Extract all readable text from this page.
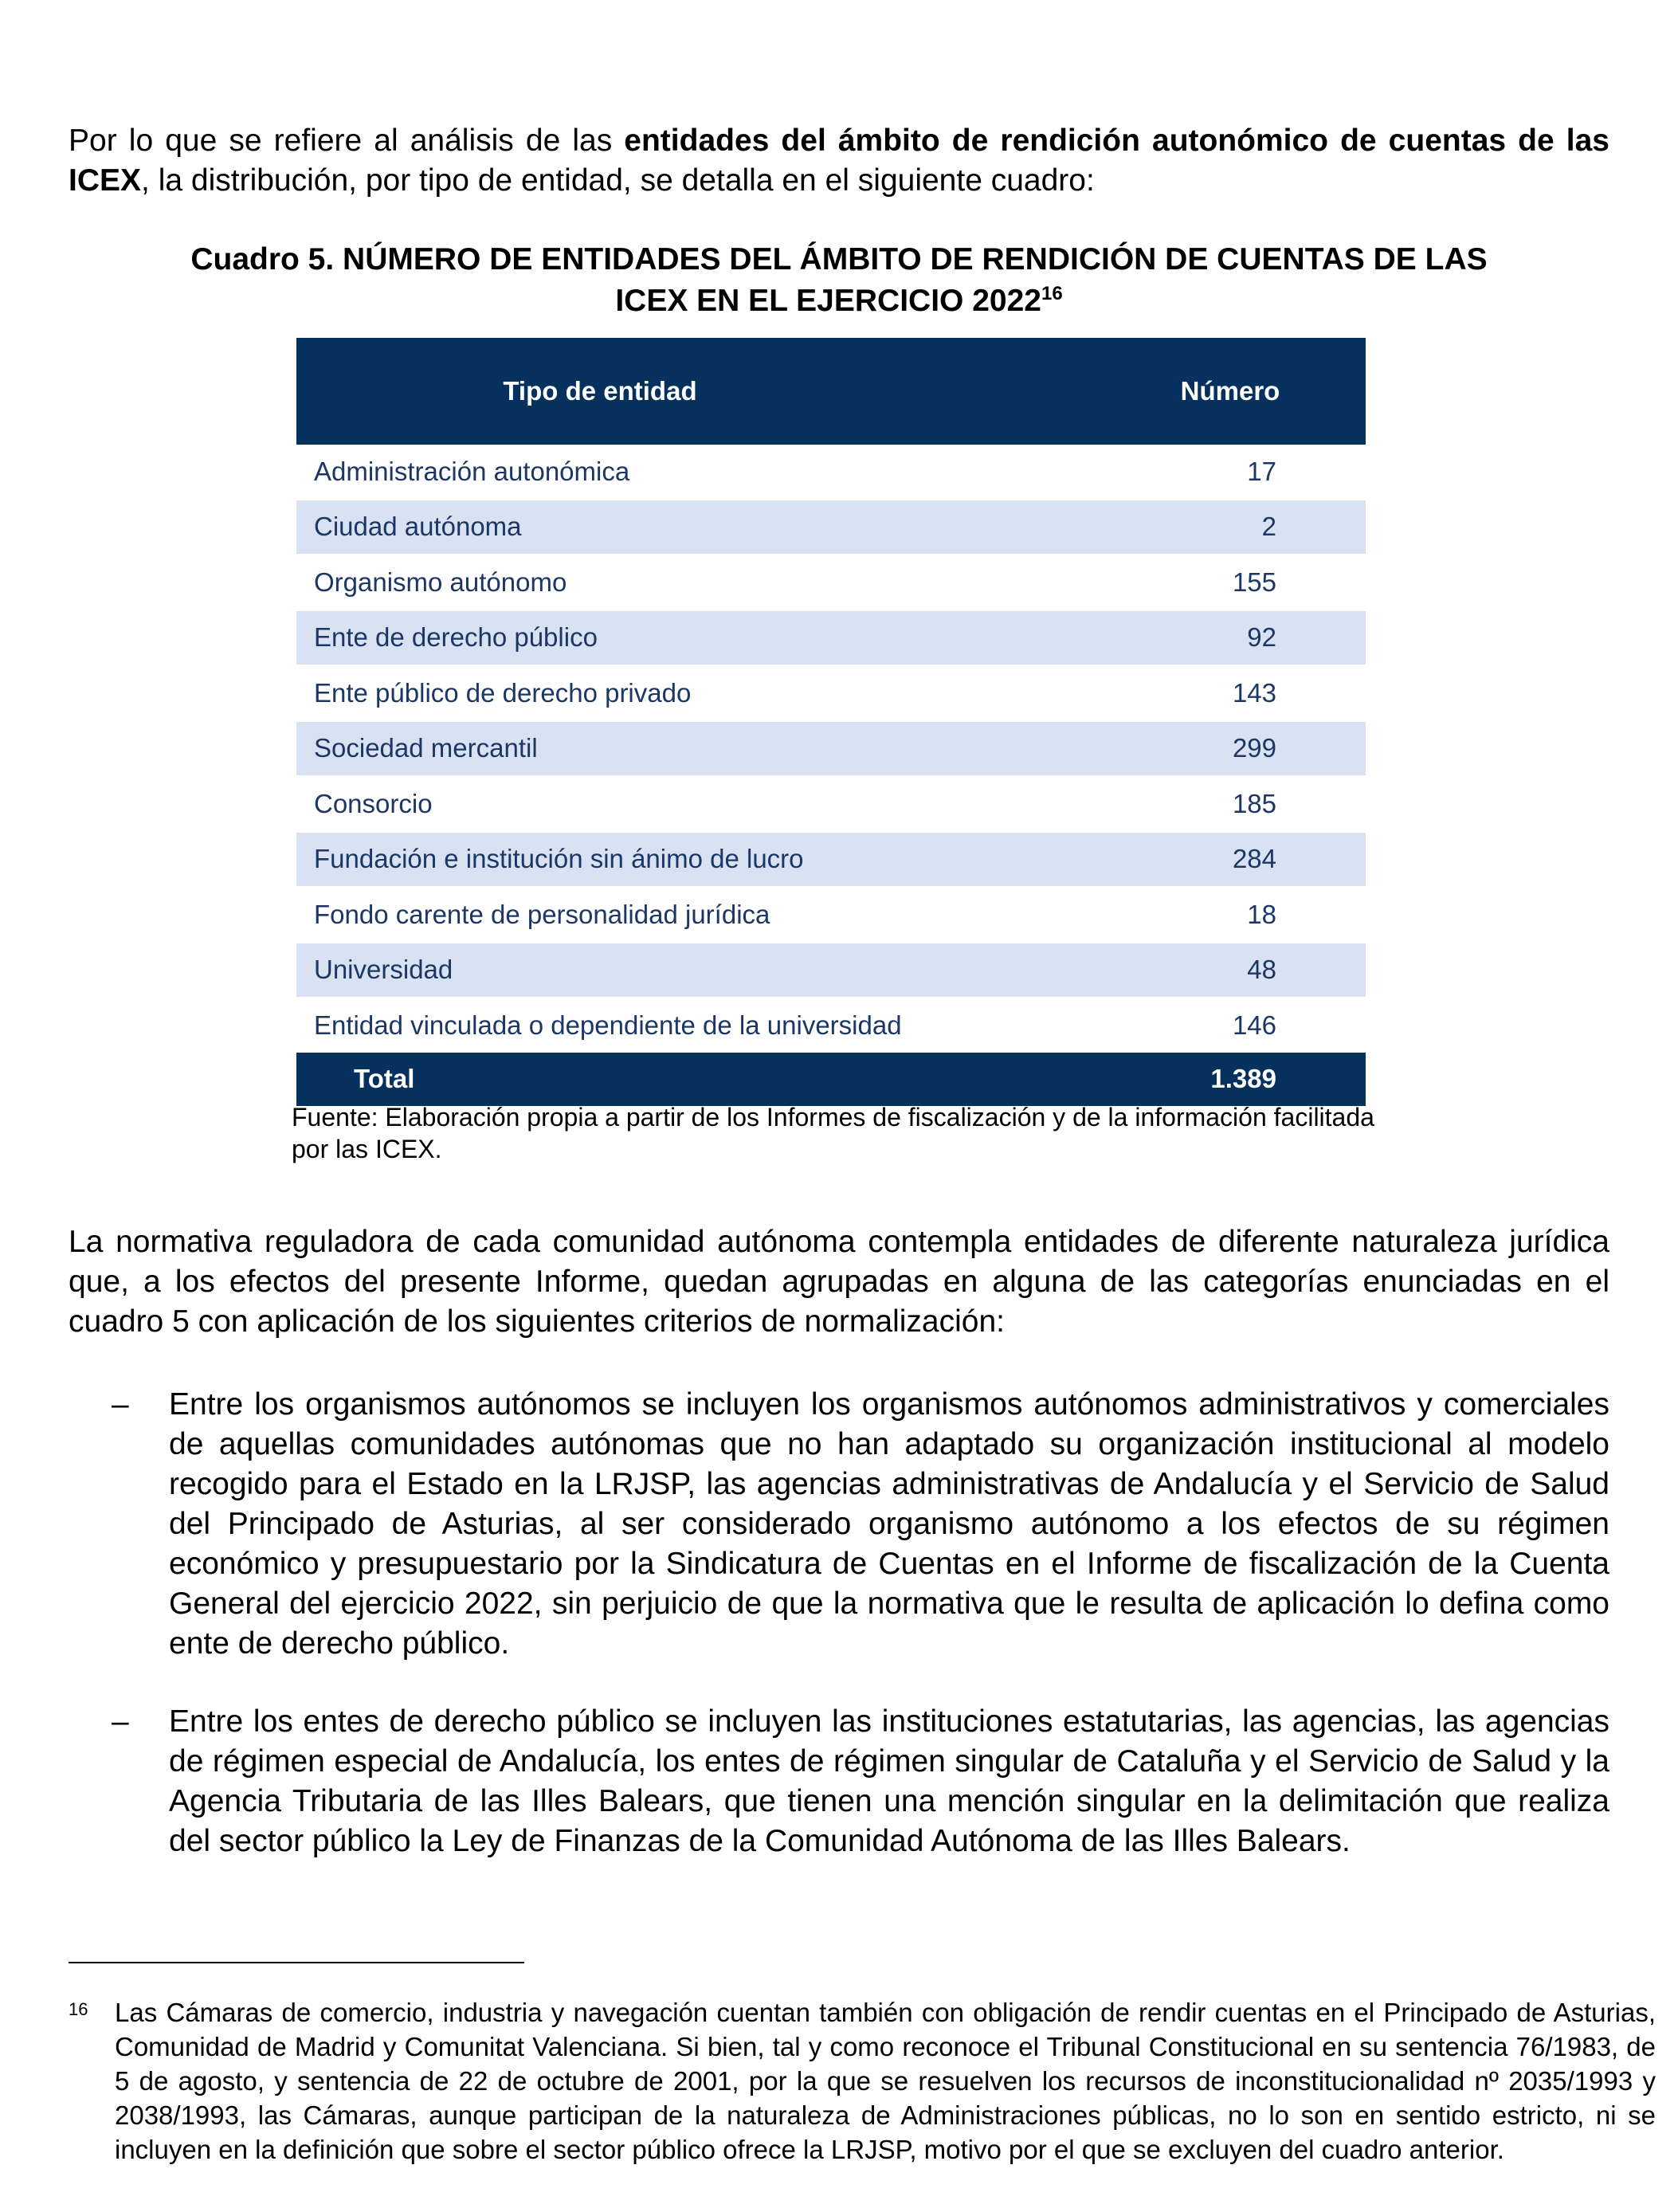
Por lo que se refiere al análisis de las entidades del ámbito de rendición autonómico de cuentas de las ICEX, la distribución, por tipo de entidad, se detalla en el siguiente cuadro:

Cuadro 5. NÚMERO DE ENTIDADES DEL ÁMBITO DE RENDICIÓN DE CUENTAS DE LAS
ICEX EN EL EJERCICIO 2022$^{16}$
Tipo de entidad	Número
Administración autonómica	17
Ciudad autónoma	2
Organismo autónomo	155
Ente de derecho público	92
Ente público de derecho privado	143
Sociedad mercantil	299
Consorcio	185
Fundación e institución sin ánimo de lucro	284
Fondo carente de personalidad jurídica	18
Universidad	48
Entidad vinculada o dependiente de la universidad	146
Total	1.389
Fuente: Elaboración propia a partir de los Informes de fiscalización y de la información facilitada por las ICEX.

La normativa reguladora de cada comunidad autónoma contempla entidades de diferente naturaleza jurídica que, a los efectos del presente Informe, quedan agrupadas en alguna de las categorías enunciadas en el cuadro 5 con aplicación de los siguientes criterios de normalización:

– Entre los organismos autónomos se incluyen los organismos autónomos administrativos y comerciales de aquellas comunidades autónomas que no han adaptado su organización institucional al modelo recogido para el Estado en la LRJSP, las agencias administrativas de Andalucía y el Servicio de Salud del Principado de Asturias, al ser considerado organismo autónomo a los efectos de su régimen económico y presupuestario por la Sindicatura de Cuentas en el Informe de fiscalización de la Cuenta General del ejercicio 2022, sin perjuicio de que la normativa que le resulta de aplicación lo defina como ente de derecho público.

– Entre los entes de derecho público se incluyen las instituciones estatutarias, las agencias, las agencias de régimen especial de Andalucía, los entes de régimen singular de Cataluña y el Servicio de Salud y la Agencia Tributaria de las Illes Balears, que tienen una mención singular en la delimitación que realiza del sector público la Ley de Finanzas de la Comunidad Autónoma de las Illes Balears.

16 Las Cámaras de comercio, industria y navegación cuentan también con obligación de rendir cuentas en el Principado de Asturias, Comunidad de Madrid y Comunitat Valenciana. Si bien, tal y como reconoce el Tribunal Constitucional en su sentencia 76/1983, de 5 de agosto, y sentencia de 22 de octubre de 2001, por la que se resuelven los recursos de inconstitucionalidad nº 2035/1993 y 2038/1993, las Cámaras, aunque participan de la naturaleza de Administraciones públicas, no lo son en sentido estricto, ni se incluyen en la definición que sobre el sector público ofrece la LRJSP, motivo por el que se excluyen del cuadro anterior.
